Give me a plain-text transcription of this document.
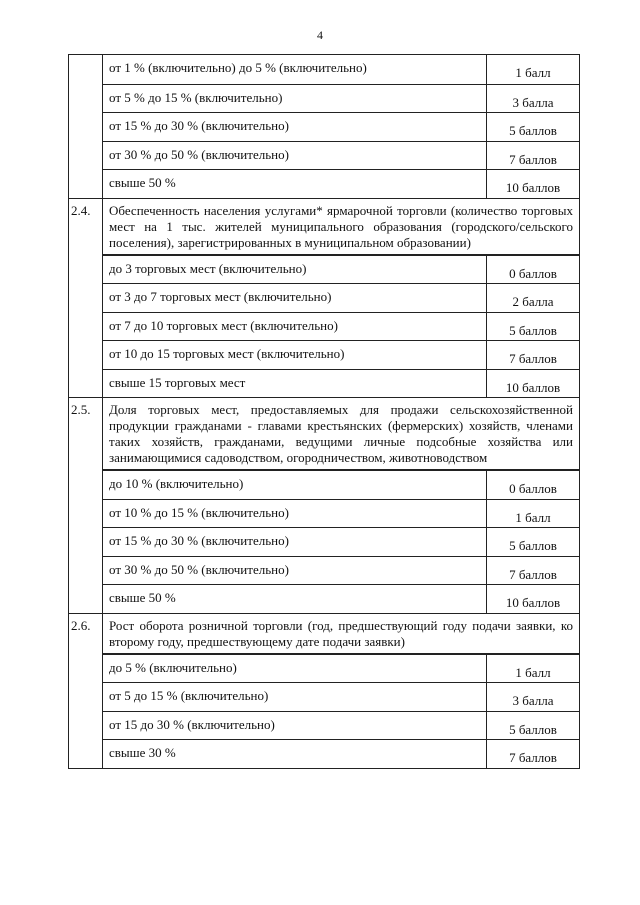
4
от 1 % (включительно) до 5 % (включительно)	1 балл
от 5 % до 15 % (включительно)	3 балла
от 15 % до 30 % (включительно)	5 баллов
от 30 % до 50 % (включительно)	7 баллов
свыше 50 %	10 баллов
2.4.	Обеспеченность населения услугами* ярмарочной торговли (количество торговых мест на 1 тыс. жителей муниципального образования (городского/сельского поселения), зарегистрированных в муниципальном образовании)
до 3 торговых мест (включительно)	0 баллов
от 3 до 7 торговых мест (включительно)	2 балла
от 7 до 10 торговых мест (включительно)	5 баллов
от 10 до 15 торговых мест (включительно)	7 баллов
свыше 15 торговых мест	10 баллов
2.5.	Доля торговых мест, предоставляемых для продажи сельскохозяйственной продукции гражданами - главами крестьянских (фермерских) хозяйств, членами таких хозяйств, гражданами, ведущими личные подсобные хозяйства или занимающимися садоводством, огородничеством, животноводством
до 10 % (включительно)	0 баллов
от 10 % до 15 % (включительно)	1 балл
от 15 % до 30 % (включительно)	5 баллов
от 30 % до 50 % (включительно)	7 баллов
свыше 50 %	10 баллов
2.6.	Рост оборота розничной торговли (год, предшествующий году подачи заявки, ко второму году, предшествующему дате подачи заявки)
до 5 % (включительно)	1 балл
от 5 до 15 % (включительно)	3 балла
от 15 до 30 % (включительно)	5 баллов
свыше 30 %	7 баллов
